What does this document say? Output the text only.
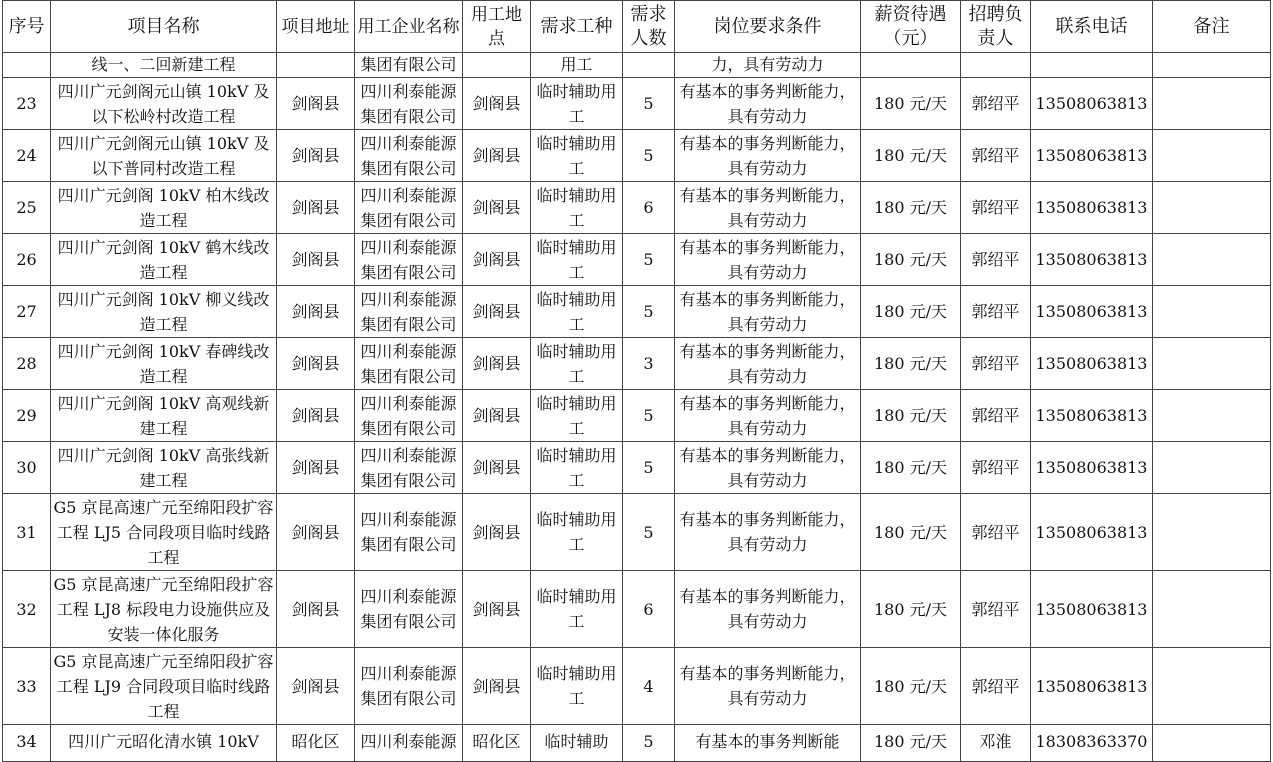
序号	项目名称	项目地址	用工企业名称	用工地点	需求工种	需求人数	岗位要求条件	薪资待遇（元）	招聘负责人	联系电话	备注
	线一、二回新建工程		集团有限公司		用工		力，具有劳动力				
23	四川广元剑阁元山镇 10kV 及以下松岭村改造工程	剑阁县	四川利泰能源集团有限公司	剑阁县	临时辅助用工	5	有基本的事务判断能力，具有劳动力	180 元/天	郭绍平	13508063813	
24	四川广元剑阁元山镇 10kV 及以下普同村改造工程	剑阁县	四川利泰能源集团有限公司	剑阁县	临时辅助用工	5	有基本的事务判断能力，具有劳动力	180 元/天	郭绍平	13508063813	
25	四川广元剑阁 10kV 柏木线改造工程	剑阁县	四川利泰能源集团有限公司	剑阁县	临时辅助用工	6	有基本的事务判断能力，具有劳动力	180 元/天	郭绍平	13508063813	
26	四川广元剑阁 10kV 鹤木线改造工程	剑阁县	四川利泰能源集团有限公司	剑阁县	临时辅助用工	5	有基本的事务判断能力，具有劳动力	180 元/天	郭绍平	13508063813	
27	四川广元剑阁 10kV 柳义线改造工程	剑阁县	四川利泰能源集团有限公司	剑阁县	临时辅助用工	5	有基本的事务判断能力，具有劳动力	180 元/天	郭绍平	13508063813	
28	四川广元剑阁 10kV 春碑线改造工程	剑阁县	四川利泰能源集团有限公司	剑阁县	临时辅助用工	3	有基本的事务判断能力，具有劳动力	180 元/天	郭绍平	13508063813	
29	四川广元剑阁 10kV 高观线新建工程	剑阁县	四川利泰能源集团有限公司	剑阁县	临时辅助用工	5	有基本的事务判断能力，具有劳动力	180 元/天	郭绍平	13508063813	
30	四川广元剑阁 10kV 高张线新建工程	剑阁县	四川利泰能源集团有限公司	剑阁县	临时辅助用工	5	有基本的事务判断能力，具有劳动力	180 元/天	郭绍平	13508063813	
31	G5 京昆高速广元至绵阳段扩容工程 LJ5 合同段项目临时线路工程	剑阁县	四川利泰能源集团有限公司	剑阁县	临时辅助用工	5	有基本的事务判断能力，具有劳动力	180 元/天	郭绍平	13508063813	
32	G5 京昆高速广元至绵阳段扩容工程 LJ8 标段电力设施供应及安装一体化服务	剑阁县	四川利泰能源集团有限公司	剑阁县	临时辅助用工	6	有基本的事务判断能力，具有劳动力	180 元/天	郭绍平	13508063813	
33	G5 京昆高速广元至绵阳段扩容工程 LJ9 合同段项目临时线路工程	剑阁县	四川利泰能源集团有限公司	剑阁县	临时辅助用工	4	有基本的事务判断能力，具有劳动力	180 元/天	郭绍平	13508063813	
34	四川广元昭化清水镇 10kV	昭化区	四川利泰能源	昭化区	临时辅助	5	有基本的事务判断能	180 元/天	邓淮	18308363370	
